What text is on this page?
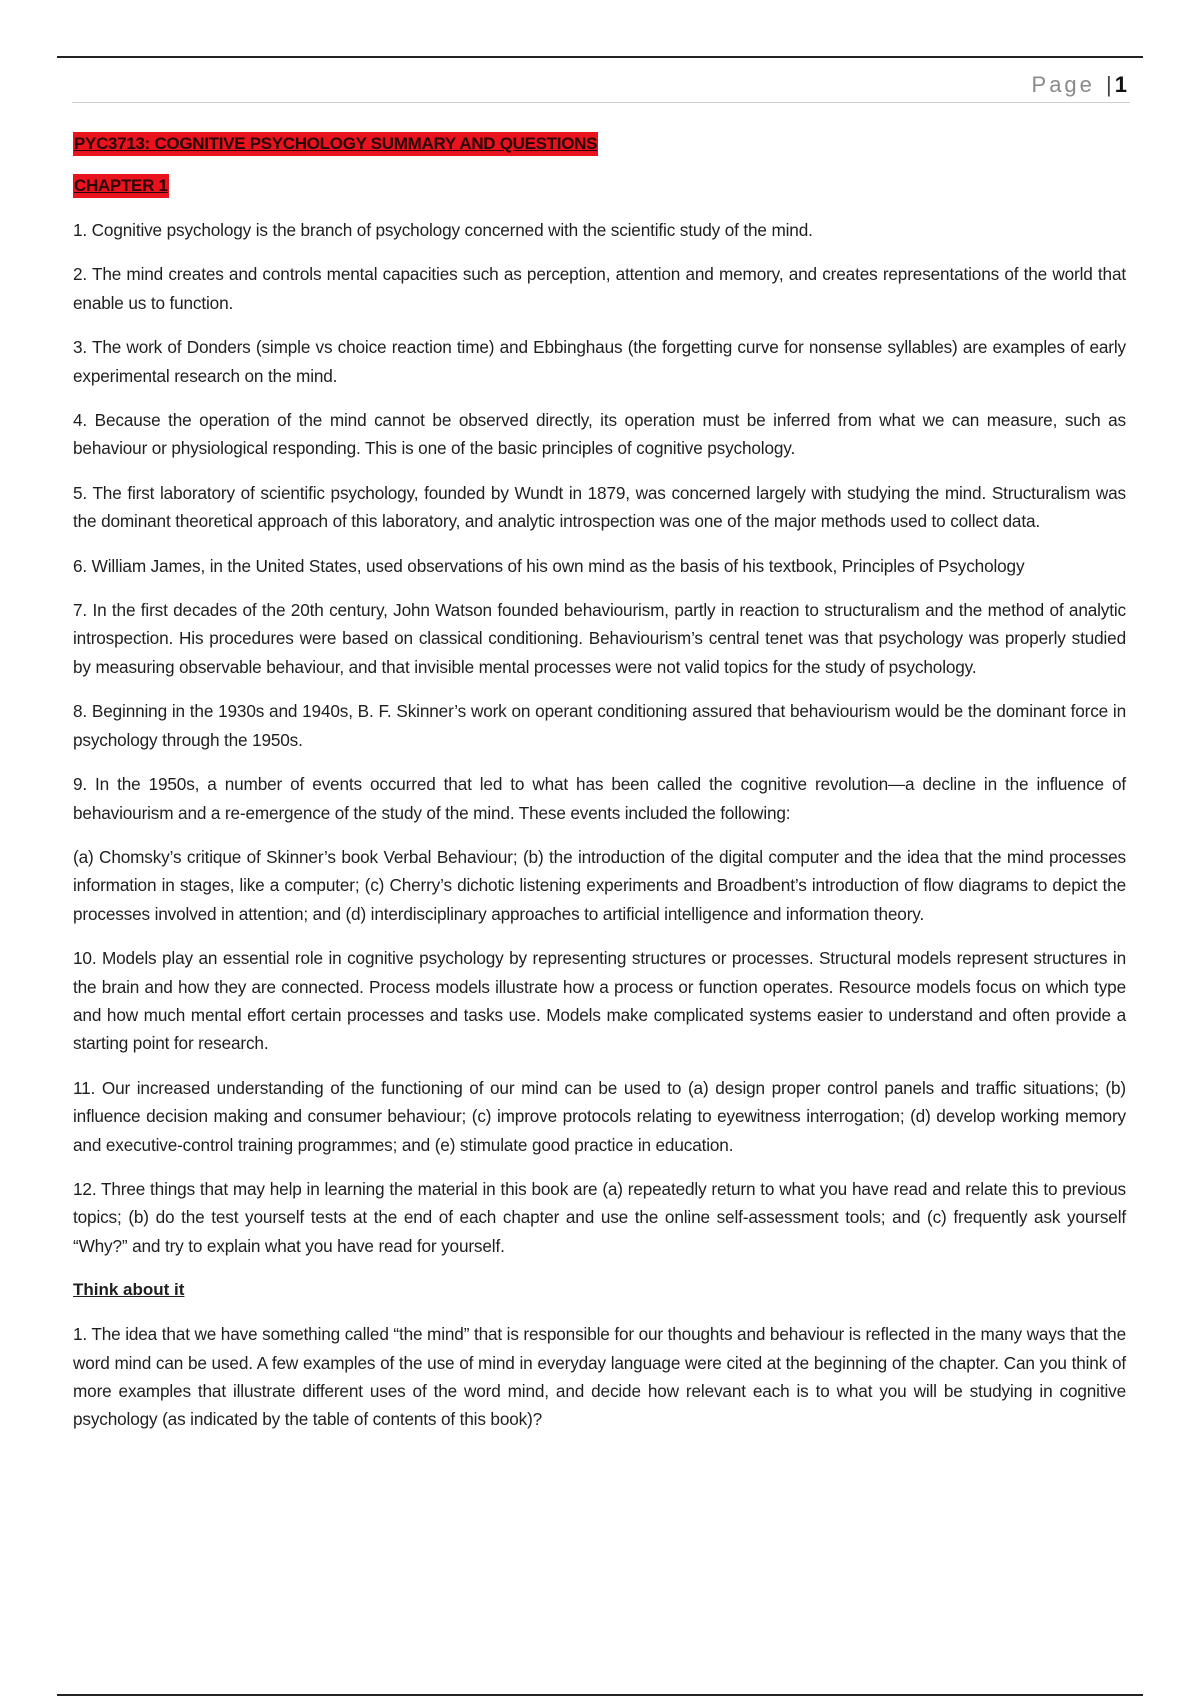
Page |1
PYC3713: COGNITIVE PSYCHOLOGY SUMMARY AND QUESTIONS
CHAPTER 1

1. Cognitive psychology is the branch of psychology concerned with the scientific study of the mind.

2. The mind creates and controls mental capacities such as perception, attention and memory, and creates representations of the world that enable us to function.

3. The work of Donders (simple vs choice reaction time) and Ebbinghaus (the forgetting curve for nonsense syllables) are examples of early experimental research on the mind.

4. Because the operation of the mind cannot be observed directly, its operation must be inferred from what we can measure, such as behaviour or physiological responding. This is one of the basic principles of cognitive psychology.

5. The first laboratory of scientific psychology, founded by Wundt in 1879, was concerned largely with studying the mind. Structuralism was the dominant theoretical approach of this laboratory, and analytic introspection was one of the major methods used to collect data.

6. William James, in the United States, used observations of his own mind as the basis of his textbook, Principles of Psychology

7. In the first decades of the 20th century, John Watson founded behaviourism, partly in reaction to structuralism and the method of analytic introspection. His procedures were based on classical conditioning. Behaviourism’s central tenet was that psychology was properly studied by measuring observable behaviour, and that invisible mental processes were not valid topics for the study of psychology.

8. Beginning in the 1930s and 1940s, B. F. Skinner’s work on operant conditioning assured that behaviourism would be the dominant force in psychology through the 1950s.

9. In the 1950s, a number of events occurred that led to what has been called the cognitive revolution—a decline in the influence of behaviourism and a re-emergence of the study of the mind. These events included the following:

(a) Chomsky’s critique of Skinner’s book Verbal Behaviour; (b) the introduction of the digital computer and the idea that the mind processes information in stages, like a computer; (c) Cherry’s dichotic listening experiments and Broadbent’s introduction of flow diagrams to depict the processes involved in attention; and (d) interdisciplinary approaches to artificial intelligence and information theory.

10. Models play an essential role in cognitive psychology by representing structures or processes. Structural models represent structures in the brain and how they are connected. Process models illustrate how a process or function operates. Resource models focus on which type and how much mental effort certain processes and tasks use. Models make complicated systems easier to understand and often provide a starting point for research.

11. Our increased understanding of the functioning of our mind can be used to (a) design proper control panels and traffic situations; (b) influence decision making and consumer behaviour; (c) improve protocols relating to eyewitness interrogation; (d) develop working memory and executive-control training programmes; and (e) stimulate good practice in education.

12. Three things that may help in learning the material in this book are (a) repeatedly return to what you have read and relate this to previous topics; (b) do the test yourself tests at the end of each chapter and use the online self-assessment tools; and (c) frequently ask yourself “Why?” and try to explain what you have read for yourself.

Think about it

1. The idea that we have something called “the mind” that is responsible for our thoughts and behaviour is reflected in the many ways that the word mind can be used. A few examples of the use of mind in everyday language were cited at the beginning of the chapter. Can you think of more examples that illustrate different uses of the word mind, and decide how relevant each is to what you will be studying in cognitive psychology (as indicated by the table of contents of this book)?
